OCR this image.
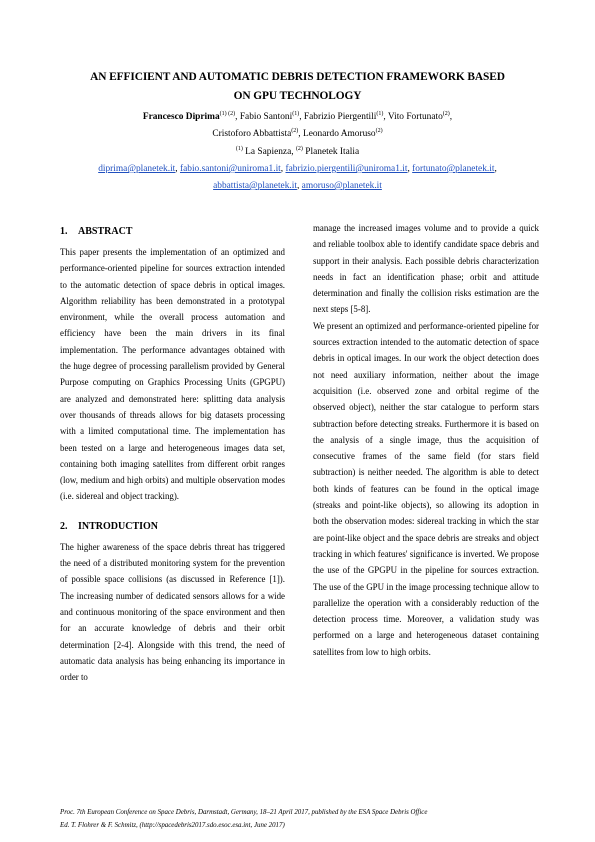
AN EFFICIENT AND AUTOMATIC DEBRIS DETECTION FRAMEWORK BASED
ON GPU TECHNOLOGY
Francesco Diprima$^{(1) (2)}$, Fabio Santoni$^{(1)}$, Fabrizio Piergentili$^{(1)}$, Vito Fortunato$^{(2)}$,
Cristoforo Abbattista$^{(2)}$, Leonardo Amoruso$^{(2)}$
$^{(1)}$ La Sapienza, $^{(2)}$ Planetek Italia
diprima@planetek.it, fabio.santoni@uniroma1.it, fabrizio.piergentili@uniroma1.it, fortunato@planetek.it,
abbattista@planetek.it, amoruso@planetek.it
1. ABSTRACT

This paper presents the implementation of an optimized and performance-oriented pipeline for sources extraction intended to the automatic detection of space debris in optical images. Algorithm reliability has been demonstrated in a prototypal environment, while the overall process automation and efficiency have been the main drivers in its final implementation. The performance advantages obtained with the huge degree of processing parallelism provided by General Purpose computing on Graphics Processing Units (GPGPU) are analyzed and demonstrated here: splitting data analysis over thousands of threads allows for big datasets processing with a limited computational time. The implementation has been tested on a large and heterogeneous images data set, containing both imaging satellites from different orbit ranges (low, medium and high orbits) and multiple observation modes (i.e. sidereal and object tracking).

2. INTRODUCTION

The higher awareness of the space debris threat has triggered the need of a distributed monitoring system for the prevention of possible space collisions (as discussed in Reference [1]). The increasing number of dedicated sensors allows for a wide and continuous monitoring of the space environment and then for an accurate knowledge of debris and their orbit determination [2-4]. Alongside with this trend, the need of automatic data analysis has being enhancing its importance in order to

manage the increased images volume and to provide a quick and reliable toolbox able to identify candidate space debris and support in their analysis. Each possible debris characterization needs in fact an identification phase; orbit and attitude determination and finally the collision risks estimation are the next steps [5-8].

We present an optimized and performance-oriented pipeline for sources extraction intended to the automatic detection of space debris in optical images. In our work the object detection does not need auxiliary information, neither about the image acquisition (i.e. observed zone and orbital regime of the observed object), neither the star catalogue to perform stars subtraction before detecting streaks. Furthermore it is based on the analysis of a single image, thus the acquisition of consecutive frames of the same field (for stars field subtraction) is neither needed. The algorithm is able to detect both kinds of features can be found in the optical image (streaks and point-like objects), so allowing its adoption in both the observation modes: sidereal tracking in which the star are point-like object and the space debris are streaks and object tracking in which features' significance is inverted. We propose the use of the GPGPU in the pipeline for sources extraction. The use of the GPU in the image processing technique allow to parallelize the operation with a considerably reduction of the detection process time. Moreover, a validation study was performed on a large and heterogeneous dataset containing satellites from low to high orbits.

Proc. 7th European Conference on Space Debris, Darmstadt, Germany, 18–21 April 2017, published by the ESA Space Debris Office
Ed. T. Flohrer & F. Schmitz, (http://spacedebris2017.sdo.esoc.esa.int, June 2017)
